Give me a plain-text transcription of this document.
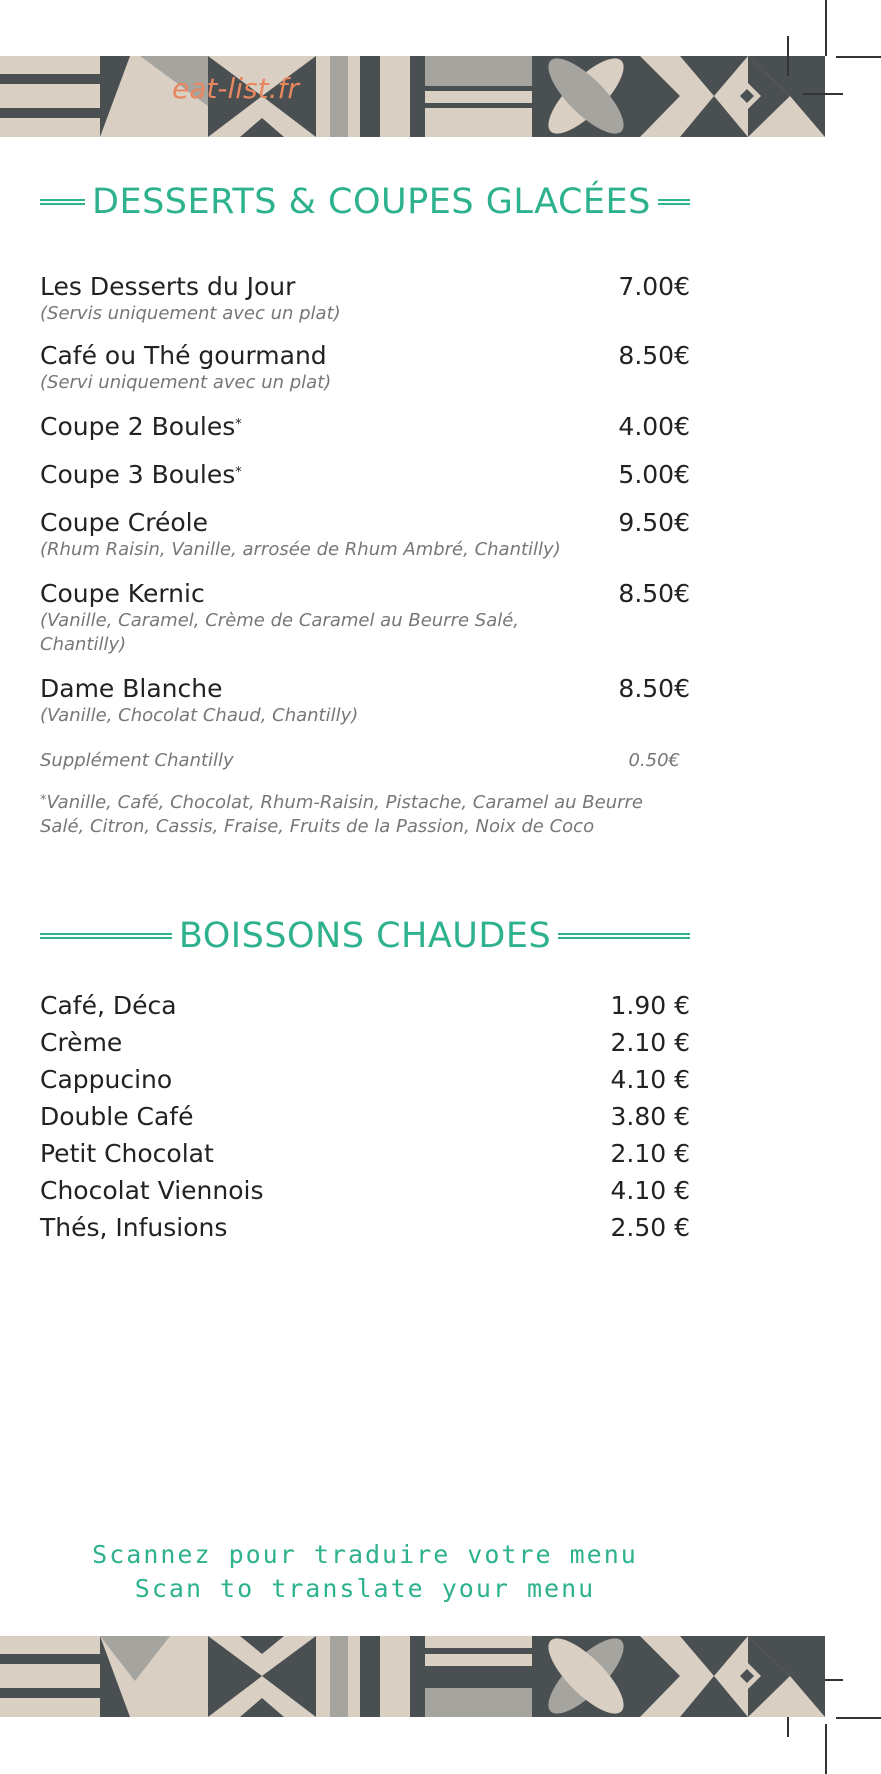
eat-list.fr
DESSERTS & COUPES GLACÉES
Les Desserts du Jour	7.00€
(Servis uniquement avec un plat)
Café ou Thé gourmand	8.50€
(Servi uniquement avec un plat)
Coupe 2 Boules*	4.00€
Coupe 3 Boules*	5.00€
Coupe Créole	9.50€
(Rhum Raisin, Vanille, arrosée de Rhum Ambré, Chantilly)
Coupe Kernic	8.50€
(Vanille, Caramel, Crème de Caramel au Beurre Salé, Chantilly)
Dame Blanche	8.50€
(Vanille, Chocolat Chaud, Chantilly)
Supplément Chantilly	0.50€
*Vanille, Café, Chocolat, Rhum-Raisin, Pistache, Caramel au Beurre Salé, Citron, Cassis, Fraise, Fruits de la Passion, Noix de Coco
BOISSONS CHAUDES
Café, Déca	1.90 €
Crème	2.10 €
Cappucino	4.10 €
Double Café	3.80 €
Petit Chocolat	2.10 €
Chocolat Viennois	4.10 €
Thés, Infusions	2.50 €
Scannez pour traduire votre menu
Scan to translate your menu
